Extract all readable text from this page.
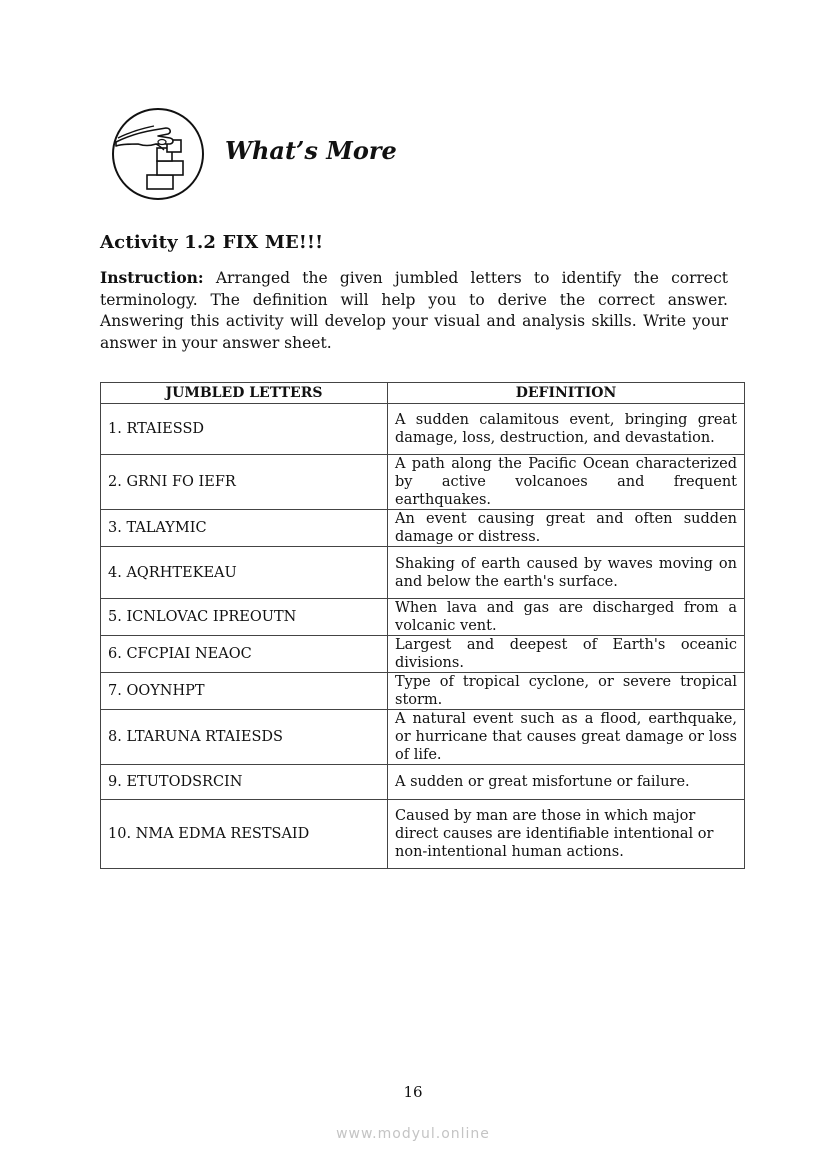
What’s More
Activity 1.2 FIX ME!!!
Instruction: Arranged the given jumbled letters to identify the correct terminology. The definition will help you to derive the correct answer. Answering this activity will develop your visual and analysis skills. Write your answer in your answer sheet.
JUMBLED LETTERS	DEFINITION
1. RTAIESSD	A sudden calamitous event, bringing great damage, loss, destruction, and devastation.
2. GRNI FO IEFR	A path along the Pacific Ocean characterized by active volcanoes and frequent earthquakes.
3. TALAYMIC	An event causing great and often sudden damage or distress.
4. AQRHTEKEAU	Shaking of earth caused by waves moving on and below the earth's surface.
5. ICNLOVAC IPREOUTN	When lava and gas are discharged from a volcanic vent.
6. CFCPIAI NEAOC	Largest and deepest of Earth's oceanic divisions.
7. OOYNHPT	Type of tropical cyclone, or severe tropical storm.
8. LTARUNA RTAIESDS	A natural event such as a flood, earthquake, or hurricane that causes great damage or loss of life.
9. ETUTODSRCIN	A sudden or great misfortune or failure.
10. NMA EDMA RESTSAID	Caused by man are those in which major direct causes are identifiable intentional or non-intentional human actions.
16
www.modyul.online
